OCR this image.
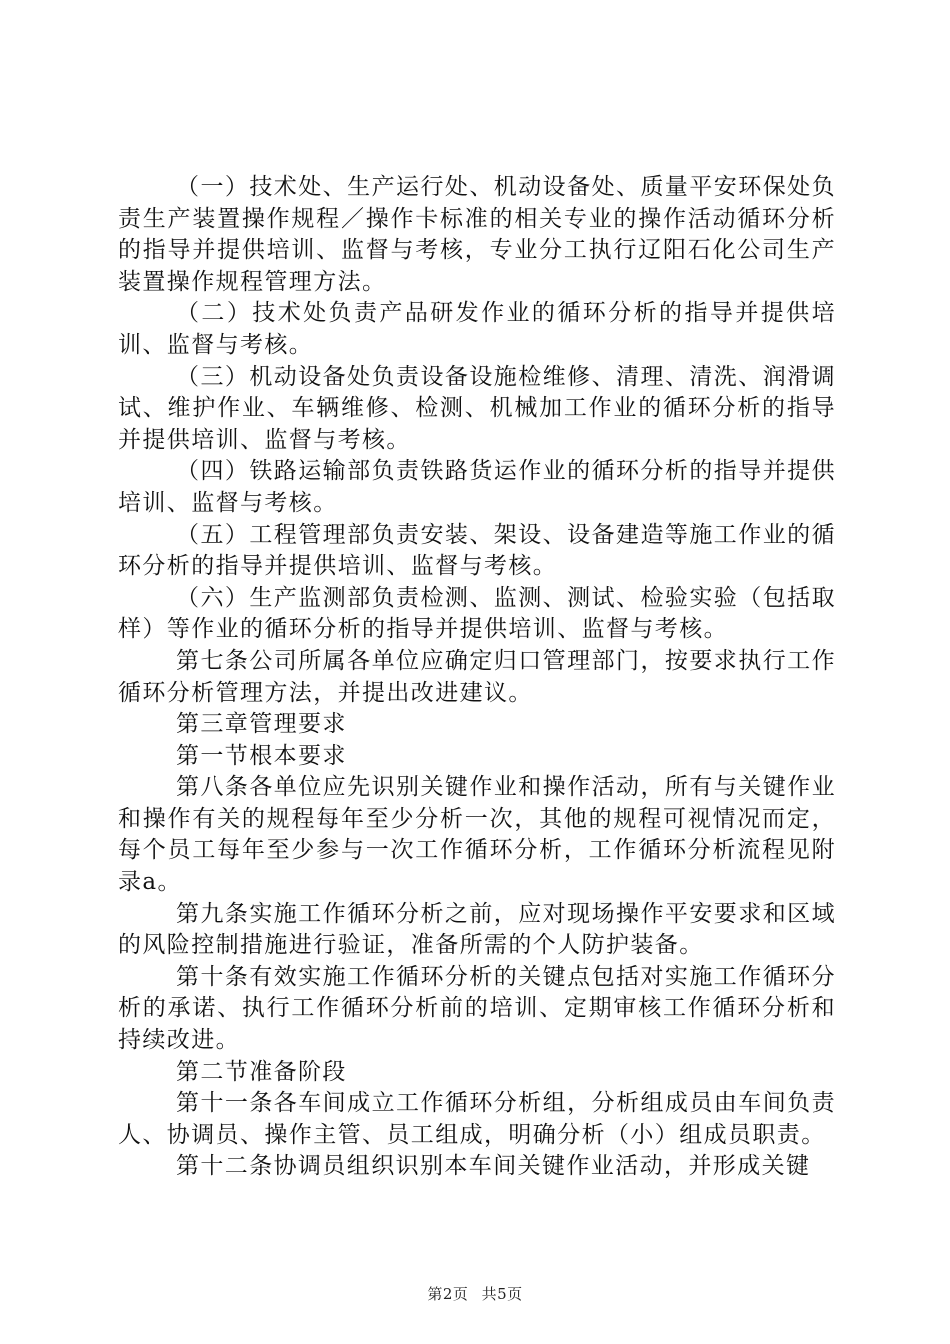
（一）技术处、生产运行处、机动设备处、质量平安环保处负责生产装置操作规程／操作卡标准的相关专业的操作活动循环分析的指导并提供培训、监督与考核，专业分工执行辽阳石化公司生产装置操作规程管理方法。

（二）技术处负责产品研发作业的循环分析的指导并提供培训、监督与考核。

（三）机动设备处负责设备设施检维修、清理、清洗、润滑调试、维护作业、车辆维修、检测、机械加工作业的循环分析的指导并提供培训、监督与考核。

（四）铁路运输部负责铁路货运作业的循环分析的指导并提供培训、监督与考核。

（五）工程管理部负责安装、架设、设备建造等施工作业的循环分析的指导并提供培训、监督与考核。

（六）生产监测部负责检测、监测、测试、检验实验（包括取样）等作业的循环分析的指导并提供培训、监督与考核。

第七条公司所属各单位应确定归口管理部门，按要求执行工作循环分析管理方法，并提出改进建议。

第三章管理要求

第一节根本要求

第八条各单位应先识别关键作业和操作活动，所有与关键作业和操作有关的规程每年至少分析一次，其他的规程可视情况而定，每个员工每年至少参与一次工作循环分析，工作循环分析流程见附录a。

第九条实施工作循环分析之前，应对现场操作平安要求和区域的风险控制措施进行验证，准备所需的个人防护装备。

第十条有效实施工作循环分析的关键点包括对实施工作循环分析的承诺、执行工作循环分析前的培训、定期审核工作循环分析和持续改进。

第二节准备阶段

第十一条各车间成立工作循环分析组，分析组成员由车间负责人、协调员、操作主管、员工组成，明确分析（小）组成员职责。

第十二条协调员组织识别本车间关键作业活动，并形成关键

第2页 共5页
